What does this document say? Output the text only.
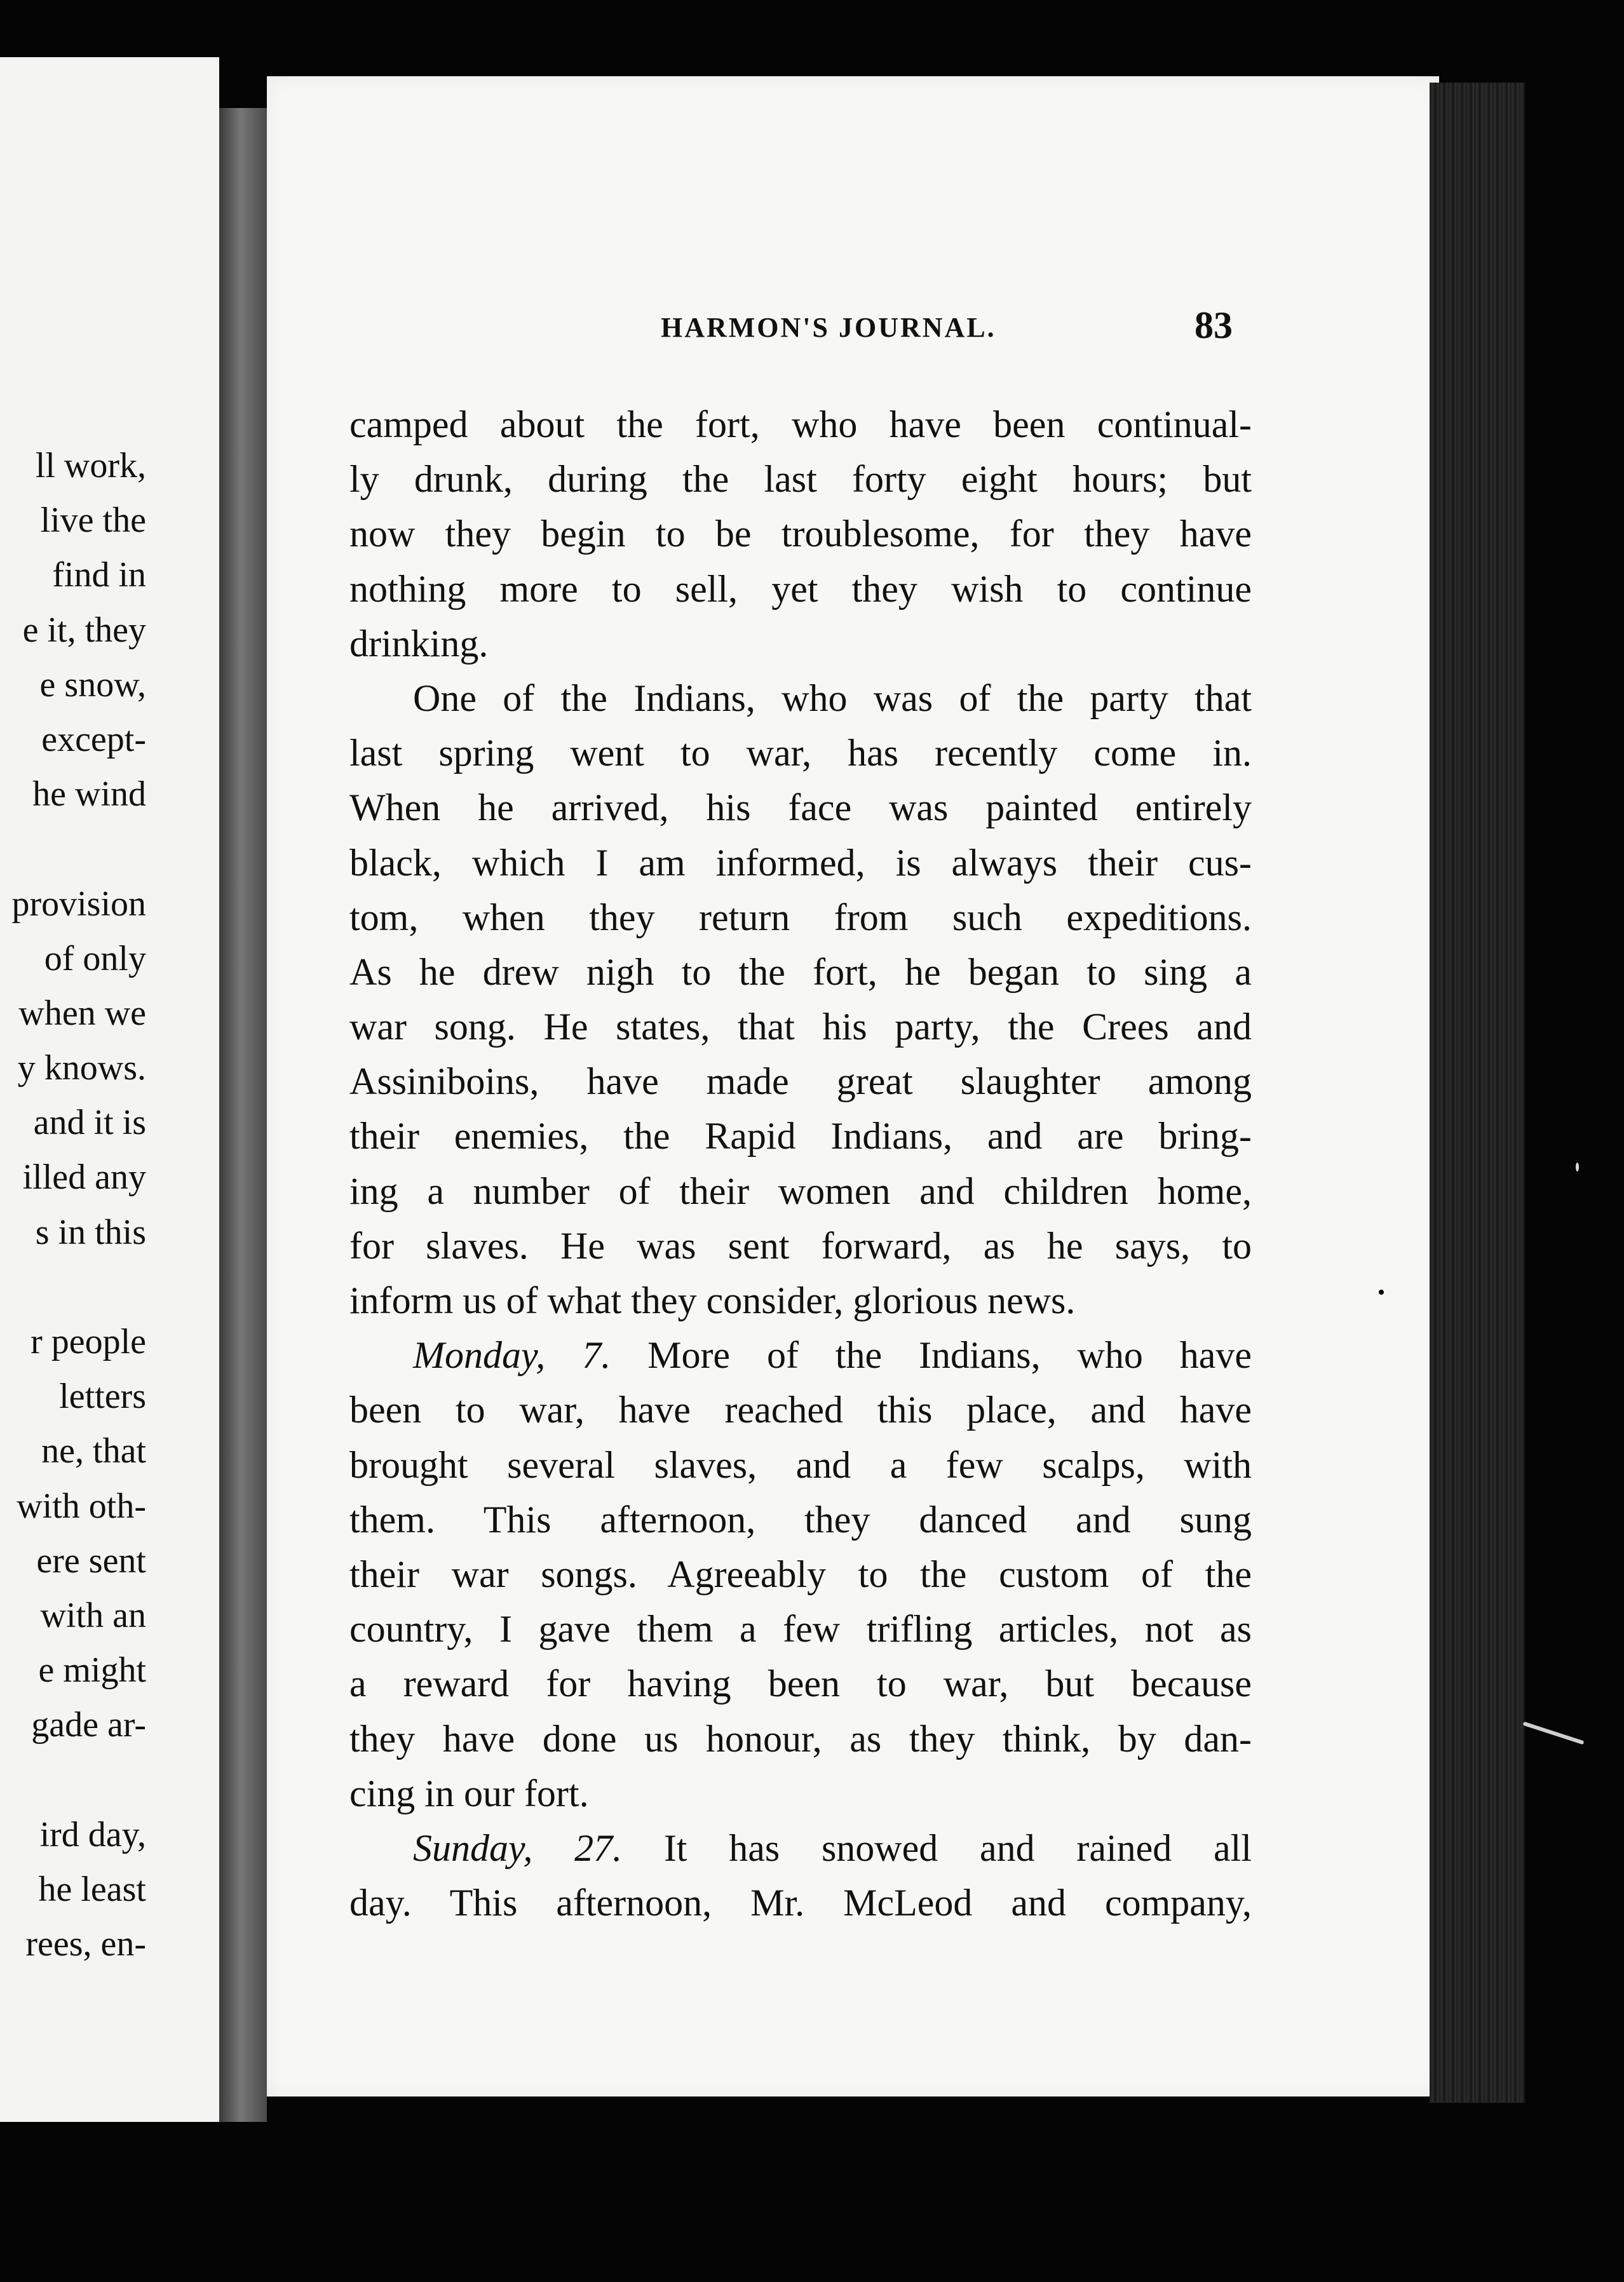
ll work,
live the
find in
e it, they
e snow,
except-
he wind
provision
of only
when we
y knows.
and it is
illed any
s in this
r people
letters
ne, that
with oth-
ere sent
with an
e might
gade ar-
ird day,
he least
rees, en-
HARMON'S JOURNAL.	83
camped about the fort, who have been continual-
ly drunk, during the last forty eight hours; but
now they begin to be troublesome, for they have
nothing more to sell, yet they wish to continue
drinking.
One of the Indians, who was of the party that
last spring went to war, has recently come in.
When he arrived, his face was painted entirely
black, which I am informed, is always their cus-
tom, when they return from such expeditions.
As he drew nigh to the fort, he began to sing a
war song. He states, that his party, the Crees and
Assiniboins, have made great slaughter among
their enemies, the Rapid Indians, and are bring-
ing a number of their women and children home,
for slaves. He was sent forward, as he says, to
inform us of what they consider, glorious news.
Monday, 7. More of the Indians, who have
been to war, have reached this place, and have
brought several slaves, and a few scalps, with
them. This afternoon, they danced and sung
their war songs. Agreeably to the custom of the
country, I gave them a few trifling articles, not as
a reward for having been to war, but because
they have done us honour, as they think, by dan-
cing in our fort.
Sunday, 27. It has snowed and rained all
day. This afternoon, Mr. McLeod and company,
